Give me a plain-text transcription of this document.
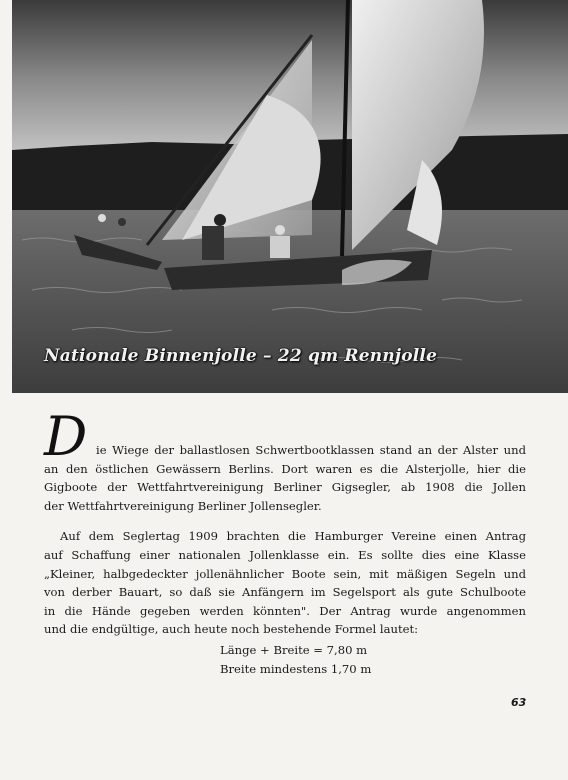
Nationale Binnenjolle – 22 qm Rennjolle
D ie Wiege der ballastlosen Schwertbootklassen stand an der Alster und
an den östlichen Gewässern Berlins. Dort waren es die Alsterjolle, hier die
Gigboote der Wettfahrtvereinigung Berliner Gigsegler, ab 1908 die Jollen
der Wettfahrtvereinigung Berliner Jollensegler.
Auf dem Seglertag 1909 brachten die Hamburger Vereine einen Antrag
auf Schaffung einer nationalen Jollenklasse ein. Es sollte dies eine Klasse
„Kleiner, halbgedeckter jollenähnlicher Boote sein, mit mäßigen Segeln und
von derber Bauart, so daß sie Anfängern im Segelsport als gute Schulboote
in die Hände gegeben werden könnten". Der Antrag wurde angenommen
und die endgültige, auch heute noch bestehende Formel lautet:
Länge + Breite = 7,80 m
Breite mindestens 1,70 m
63
